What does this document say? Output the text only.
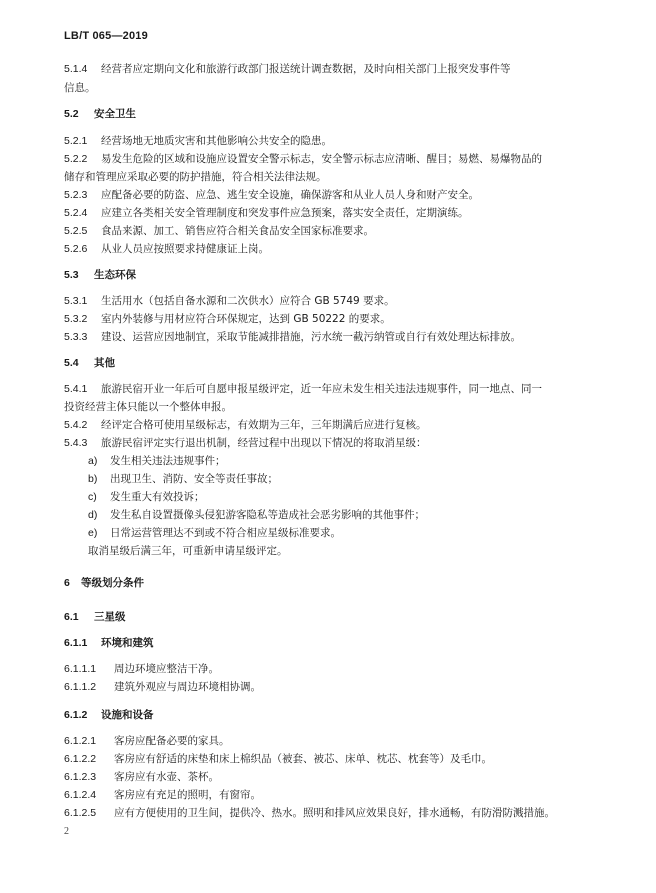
LB/T 065—2019
5.1.4 经营者应定期向文化和旅游行政部门报送统计调查数据，及时向相关部门上报突发事件等
信息。
5.2 安全卫生
5.2.1 经营场地无地质灾害和其他影响公共安全的隐患。
5.2.2 易发生危险的区域和设施应设置安全警示标志，安全警示标志应清晰、醒目；易燃、易爆物品的
储存和管理应采取必要的防护措施，符合相关法律法规。
5.2.3 应配备必要的防盗、应急、逃生安全设施，确保游客和从业人员人身和财产安全。
5.2.4 应建立各类相关安全管理制度和突发事件应急预案，落实安全责任，定期演练。
5.2.5 食品来源、加工、销售应符合相关食品安全国家标准要求。
5.2.6 从业人员应按照要求持健康证上岗。
5.3 生态环保
5.3.1 生活用水（包括自备水源和二次供水）应符合 GB 5749 要求。
5.3.2 室内外装修与用材应符合环保规定，达到 GB 50222 的要求。
5.3.3 建设、运营应因地制宜，采取节能减排措施，污水统一截污纳管或自行有效处理达标排放。
5.4 其他
5.4.1 旅游民宿开业一年后可自愿申报星级评定，近一年应未发生相关违法违规事件，同一地点、同一
投资经营主体只能以一个整体申报。
5.4.2 经评定合格可使用星级标志，有效期为三年，三年期满后应进行复核。
5.4.3 旅游民宿评定实行退出机制，经营过程中出现以下情况的将取消星级：
a) 发生相关违法违规事件；
b) 出现卫生、消防、安全等责任事故；
c) 发生重大有效投诉；
d) 发生私自设置摄像头侵犯游客隐私等造成社会恶劣影响的其他事件；
e) 日常运营管理达不到或不符合相应星级标准要求。
取消星级后满三年，可重新申请星级评定。
6 等级划分条件
6.1 三星级
6.1.1 环境和建筑
6.1.1.1 周边环境应整洁干净。
6.1.1.2 建筑外观应与周边环境相协调。
6.1.2 设施和设备
6.1.2.1 客房应配备必要的家具。
6.1.2.2 客房应有舒适的床垫和床上棉织品（被套、被芯、床单、枕芯、枕套等）及毛巾。
6.1.2.3 客房应有水壶、茶杯。
6.1.2.4 客房应有充足的照明，有窗帘。
6.1.2.5 应有方便使用的卫生间，提供冷、热水。照明和排风应效果良好，排水通畅，有防滑防溅措施。
2
